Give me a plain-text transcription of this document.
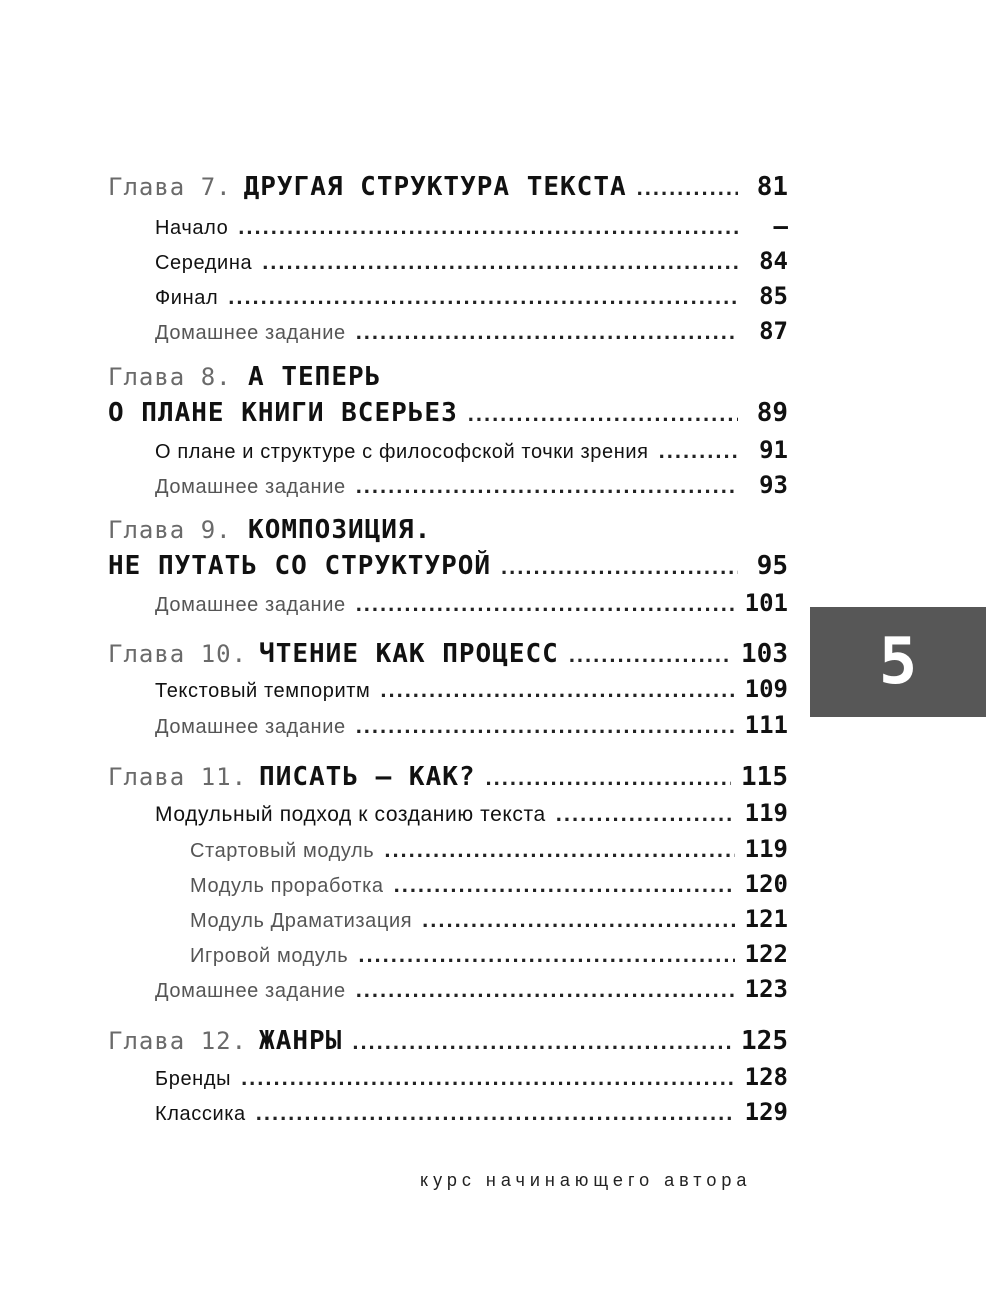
Глава 7. ДРУГАЯ СТРУКТУРА ТЕКСТА .....	81
Начало .....	—
Середина .....	84
Финал .....	85
Домашнее задание .....	87
Глава 8. А ТЕПЕРЬ
О ПЛАНЕ КНИГИ ВСЕРЬЕЗ .....	89
О плане и структуре с философской точки зрения .....	91
Домашнее задание .....	93
Глава 9. КОМПОЗИЦИЯ.
НЕ ПУТАТЬ СО СТРУКТУРОЙ .....	95
Домашнее задание .....	101
Глава 10. ЧТЕНИЕ КАК ПРОЦЕСС .....	103
Текстовый темпоритм .....	109
Домашнее задание .....	111
Глава 11. ПИСАТЬ — КАК? .....	115
Модульный подход к созданию текста .....	119
Стартовый модуль .....	119
Модуль проработка .....	120
Модуль Драматизация .....	121
Игровой модуль .....	122
Домашнее задание .....	123
Глава 12. ЖАНРЫ .....	125
Бренды .....	128
Классика .....	129
5
курс начинающего автора
